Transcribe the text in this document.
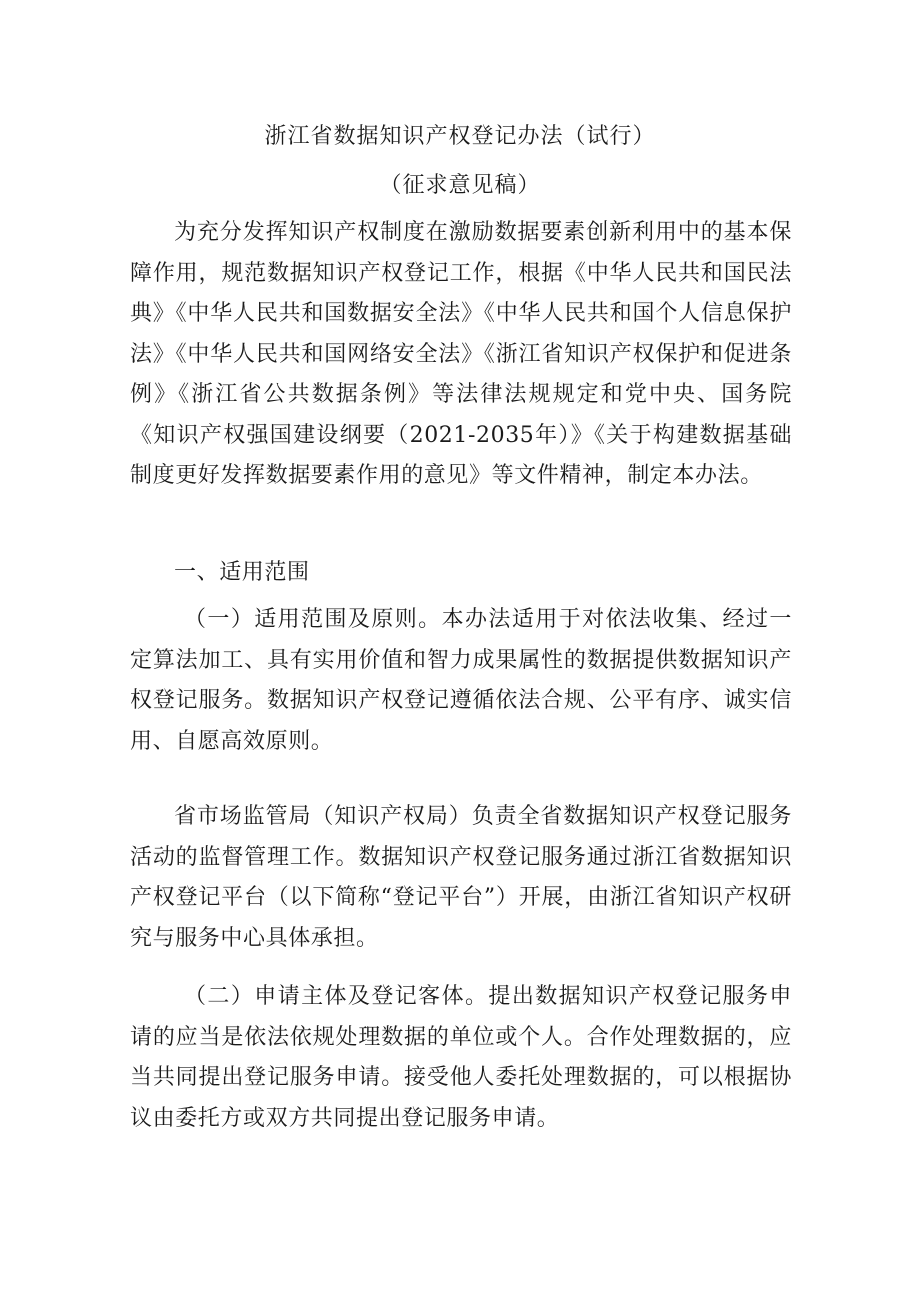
浙江省数据知识产权登记办法（试行）
（征求意见稿）

为充分发挥知识产权制度在激励数据要素创新利用中的基本保障作用，规范数据知识产权登记工作，根据《中华人民共和国民法典》《中华人民共和国数据安全法》《中华人民共和国个人信息保护法》《中华人民共和国网络安全法》《浙江省知识产权保护和促进条例》《浙江省公共数据条例》等法律法规规定和党中央、国务院《知识产权强国建设纲要（2021-2035年）》《关于构建数据基础制度更好发挥数据要素作用的意见》等文件精神，制定本办法。

一、适用范围

（一）适用范围及原则。本办法适用于对依法收集、经过一定算法加工、具有实用价值和智力成果属性的数据提供数据知识产权登记服务。数据知识产权登记遵循依法合规、公平有序、诚实信用、自愿高效原则。

省市场监管局（知识产权局）负责全省数据知识产权登记服务活动的监督管理工作。数据知识产权登记服务通过浙江省数据知识产权登记平台（以下简称“登记平台”）开展，由浙江省知识产权研究与服务中心具体承担。

（二）申请主体及登记客体。提出数据知识产权登记服务申请的应当是依法依规处理数据的单位或个人。合作处理数据的，应当共同提出登记服务申请。接受他人委托处理数据的，可以根据协议由委托方或双方共同提出登记服务申请。
